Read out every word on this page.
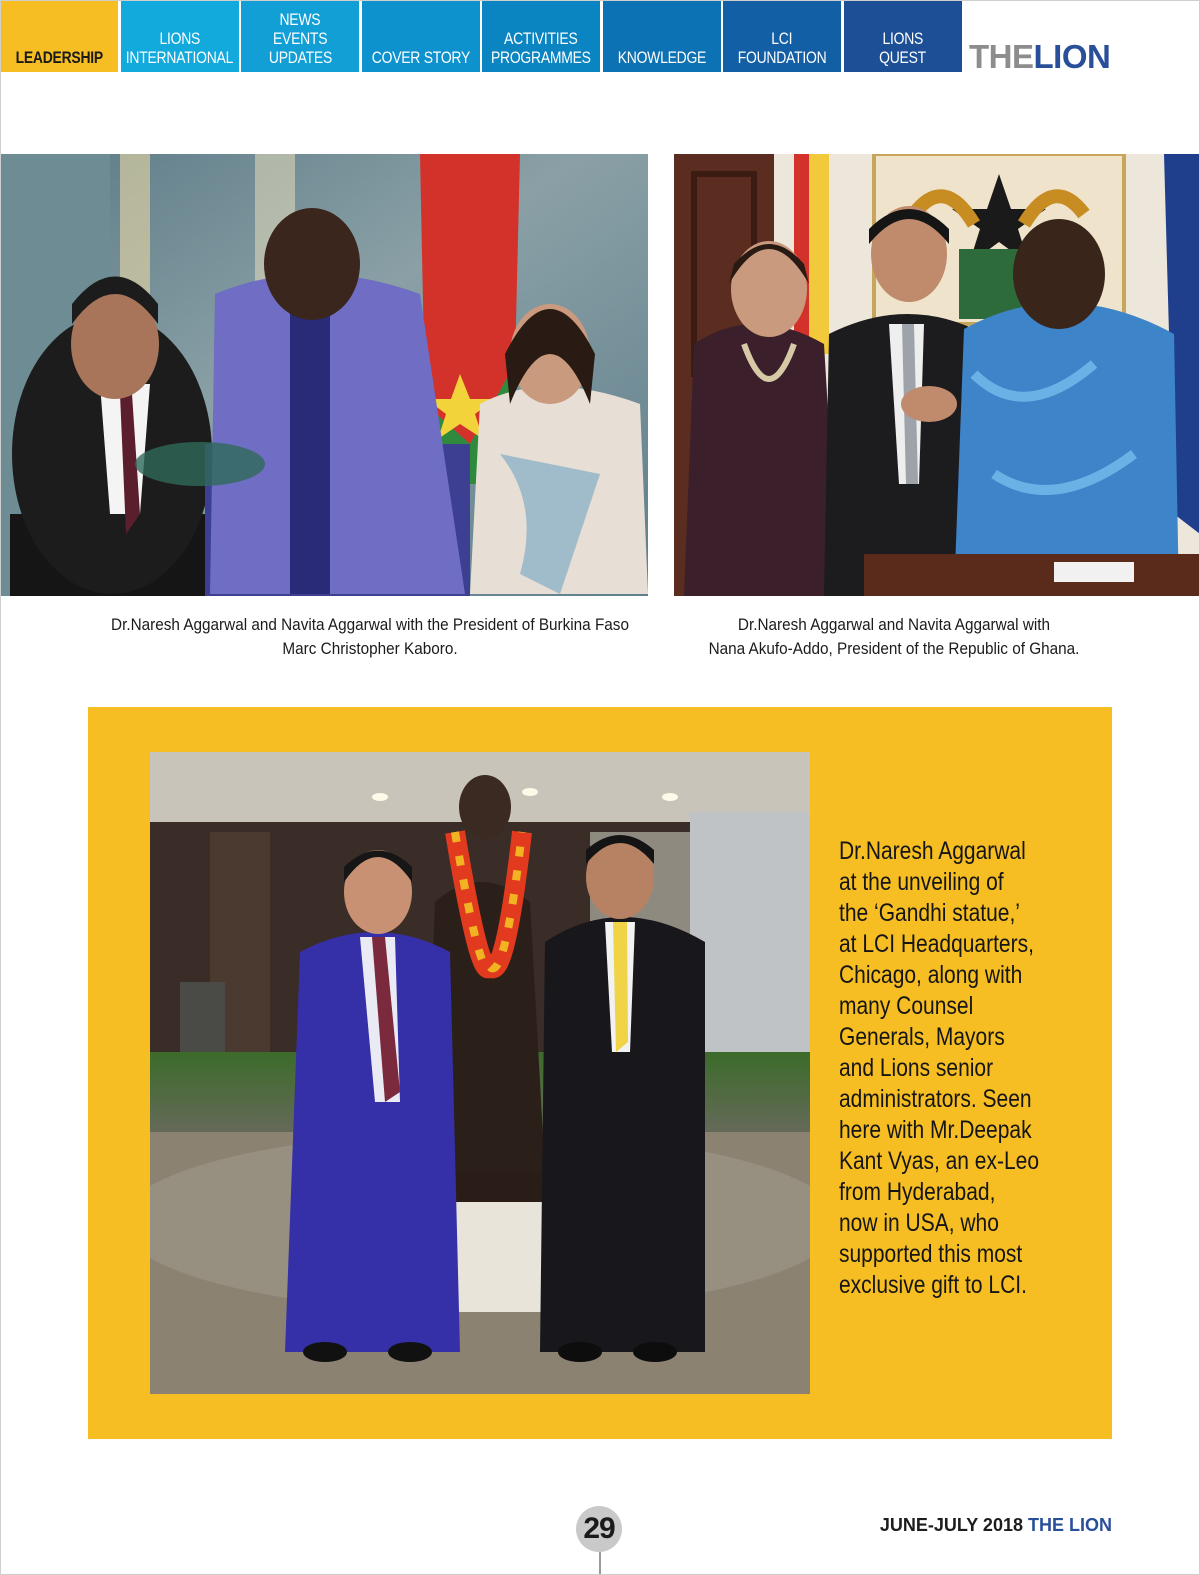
LEADERSHIP
LIONS
INTERNATIONAL
NEWS
EVENTS
UPDATES COVER STORY
ACTIVITIES
PROGRAMMES KNOWLEDGE
LCI
FOUNDATION
LIONS
QUEST THELION
Dr.Naresh Aggarwal and Navita Aggarwal with the President of Burkina Faso
Marc Christopher Kaboro.
Dr.Naresh Aggarwal and Navita Aggarwal with
Nana Akufo-Addo, President of the Republic of Ghana.
Dr.Naresh Aggarwal
at the unveiling of
the ‘Gandhi statue,’
at LCI Headquarters,
Chicago, along with
many Counsel
Generals, Mayors
and Lions senior
administrators. Seen
here with Mr.Deepak
Kant Vyas, an ex-Leo
from Hyderabad,
now in USA, who
supported this most
exclusive gift to LCI.
29	JUNE-JULY 2018 THE LION
